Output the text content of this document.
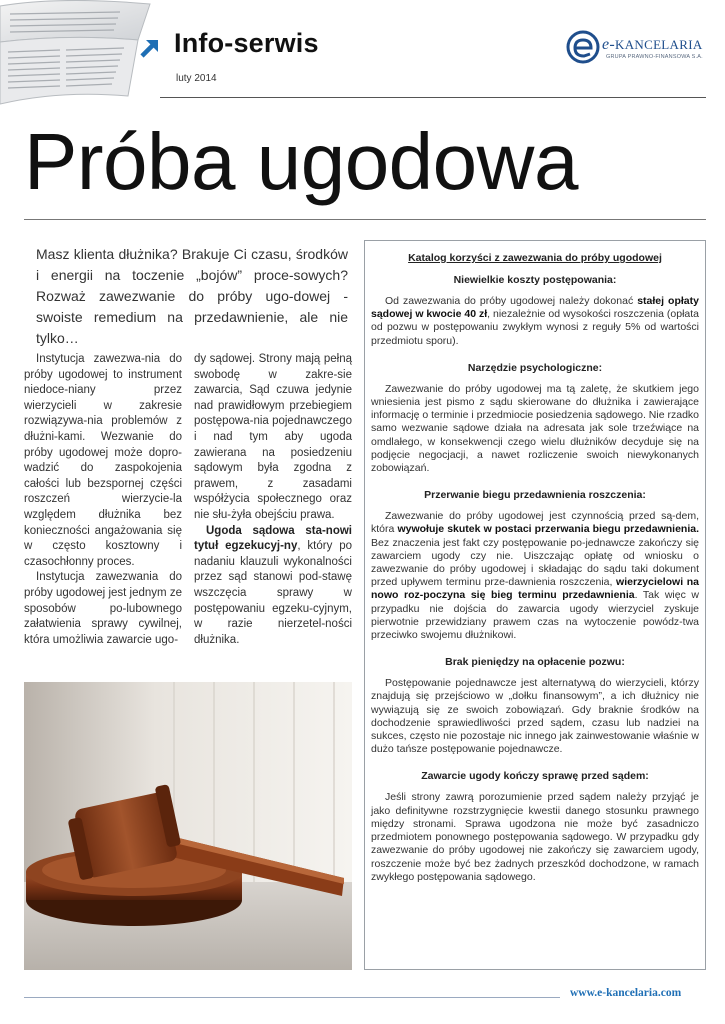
Info-serwis
luty 2014
e-KANCELARIA
GRUPA PRAWNO-FINANSOWA S.A.
Próba ugodowa
Masz klienta dłużnika? Brakuje Ci czasu, środków i energii na toczenie „bojów” proce-sowych? Rozważ zawezwanie do próby ugo-dowej - swoiste remedium na przedawnienie, ale nie tylko…

Instytucja zawezwa-nia do próby ugodowej to instrument niedoce-niany przez wierzycieli w zakresie rozwiązywa-nia problemów z dłużni-kami. Wezwanie do próby ugodowej może dopro-wadzić do zaspokojenia całości lub bezspornej części roszczeń wierzycie-la względem dłużnika bez konieczności angażowania się w często kosztowny i czasochłonny proces.

Instytucja zawezwania do próby ugodowej jest jednym ze sposobów po-lubownego załatwienia sprawy cywilnej, która umożliwia zawarcie ugo-

dy sądowej. Strony mają pełną swobodę w zakre-sie zawarcia, Sąd czuwa jedynie nad prawidłowym przebiegiem postępowa-nia pojednawczego i nad tym aby ugoda zawierana na posiedzeniu sądowym była zgodna z prawem, z zasadami współżycia społecznego oraz nie słu-żyła obejściu prawa.

Ugoda sądowa sta-nowi tytuł egzekucyj-ny, który po nadaniu klauzuli wykonalności przez sąd stanowi pod-stawę wszczęcia sprawy w postępowaniu egzeku-cyjnym, w razie nierzetel-ności dłużnika.

Katalog korzyści z zawezwania do próby ugodowej
Niewielkie koszty postępowania:

Od zawezwania do próby ugodowej należy dokonać stałej opłaty sądowej w kwocie 40 zł, niezależnie od wysokości roszczenia (opłata od pozwu w postępowaniu zwykłym wynosi z reguły 5% od wartości przedmiotu sporu).

Narzędzie psychologiczne:

Zawezwanie do próby ugodowej ma tą zaletę, że skutkiem jego wniesienia jest pismo z sądu skierowane do dłużnika i zawierające informację o terminie i przedmiocie posiedzenia sądowego. Nie rzadko samo wezwanie sądowe działa na adresata jak sole trzeźwiące na omdlałego, w konsekwencji czego wielu dłużników decyduje się na podjęcie negocjacji, a nawet rozliczenie swoich niewykonanych zobowiązań.

Przerwanie biegu przedawnienia roszczenia:

Zawezwanie do próby ugodowej jest czynnością przed są-dem, która wywołuje skutek w postaci przerwania biegu przedawnienia. Bez znaczenia jest fakt czy postępowanie po-jednawcze zakończy się zawarciem ugody czy nie. Uiszczając opłatę od wniosku o zawezwanie do próby ugodowej i składając do sądu taki dokument przed upływem terminu prze-dawnienia roszczenia, wierzycielowi na nowo roz-poczyna się bieg terminu przedawnienia. Tak więc w przypadku nie dojścia do zawarcia ugody wierzyciel zyskuje pierwotnie przewidziany prawem czas na wytoczenie powódz-twa przeciwko swojemu dłużnikowi.

Brak pieniędzy na opłacenie pozwu:

Postępowanie pojednawcze jest alternatywą do wierzycieli, którzy znajdują się przejściowo w „dołku finansowym”, a ich dłużnicy nie wywiązują się ze swoich zobowiązań. Gdy braknie środków na dochodzenie sprawiedliwości przed sądem, czasu lub nadziei na sukces, często nie pozostaje nic innego jak zainwestowanie właśnie w dużo tańsze postępowanie pojednawcze.

Zawarcie ugody kończy sprawę przed sądem:

Jeśli strony zawrą porozumienie przed sądem należy przyjąć je jako definitywne rozstrzygnięcie kwestii danego stosunku prawnego między stronami. Sprawa ugodzona nie może być zasadniczo przedmiotem ponownego postępowania sądowego. W przypadku gdy zawezwanie do próby ugodowej nie zakończy się zawarciem ugody, roszczenie może być bez żadnych przeszkód dochodzone, w ramach zwykłego postępowania sądowego.

www.e-kancelaria.com
